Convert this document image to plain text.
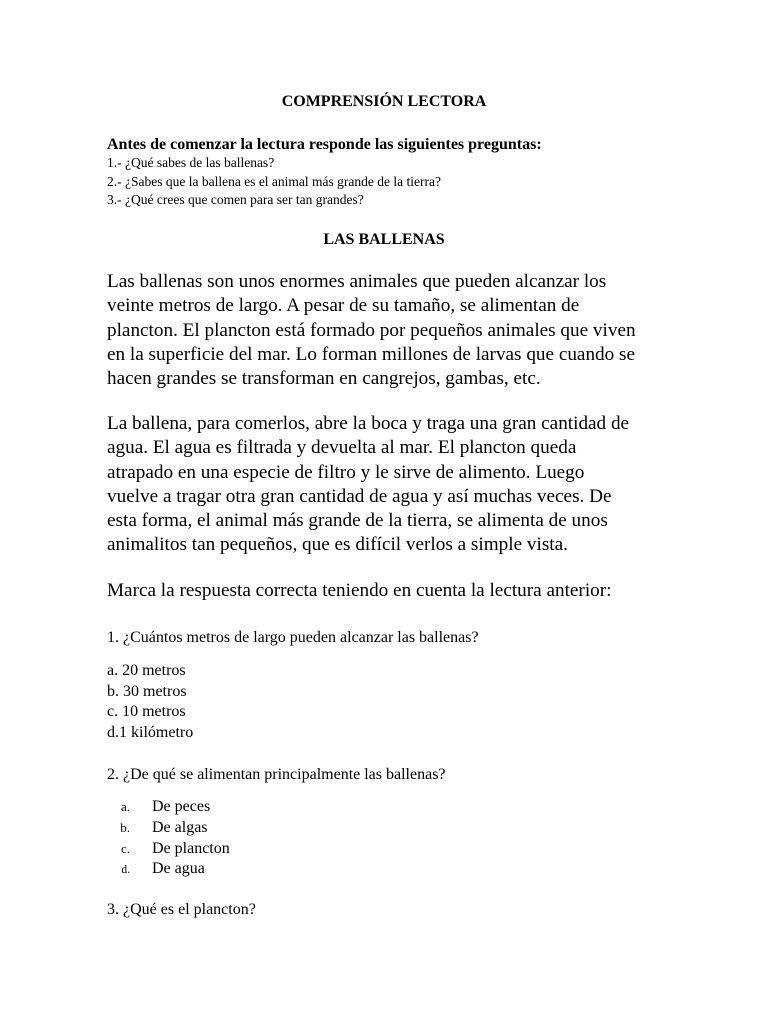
COMPRENSIÓN LECTORA
Antes de comenzar la lectura responde las siguientes preguntas:
1.- ¿Qué sabes de las ballenas?
2.- ¿Sabes que la ballena es el animal más grande de la tierra?
3.- ¿Qué crees que comen para ser tan grandes?
LAS BALLENAS
Las ballenas son unos enormes animales que pueden alcanzar los
veinte metros de largo. A pesar de su tamaño, se alimentan de
plancton. El plancton está formado por pequeños animales que viven
en la superficie del mar. Lo forman millones de larvas que cuando se
hacen grandes se transforman en cangrejos, gambas, etc.
La ballena, para comerlos, abre la boca y traga una gran cantidad de
agua. El agua es filtrada y devuelta al mar. El plancton queda
atrapado en una especie de filtro y le sirve de alimento. Luego
vuelve a tragar otra gran cantidad de agua y así muchas veces. De
esta forma, el animal más grande de la tierra, se alimenta de unos
animalitos tan pequeños, que es difícil verlos a simple vista.
Marca la respuesta correcta teniendo en cuenta la lectura anterior:
1. ¿Cuántos metros de largo pueden alcanzar las ballenas?
a. 20 metros
b. 30 metros
c. 10 metros
d.1 kilómetro
2. ¿De qué se alimentan principalmente las ballenas?
a. De peces
b. De algas
c. De plancton
d. De agua
3. ¿Qué es el plancton?
